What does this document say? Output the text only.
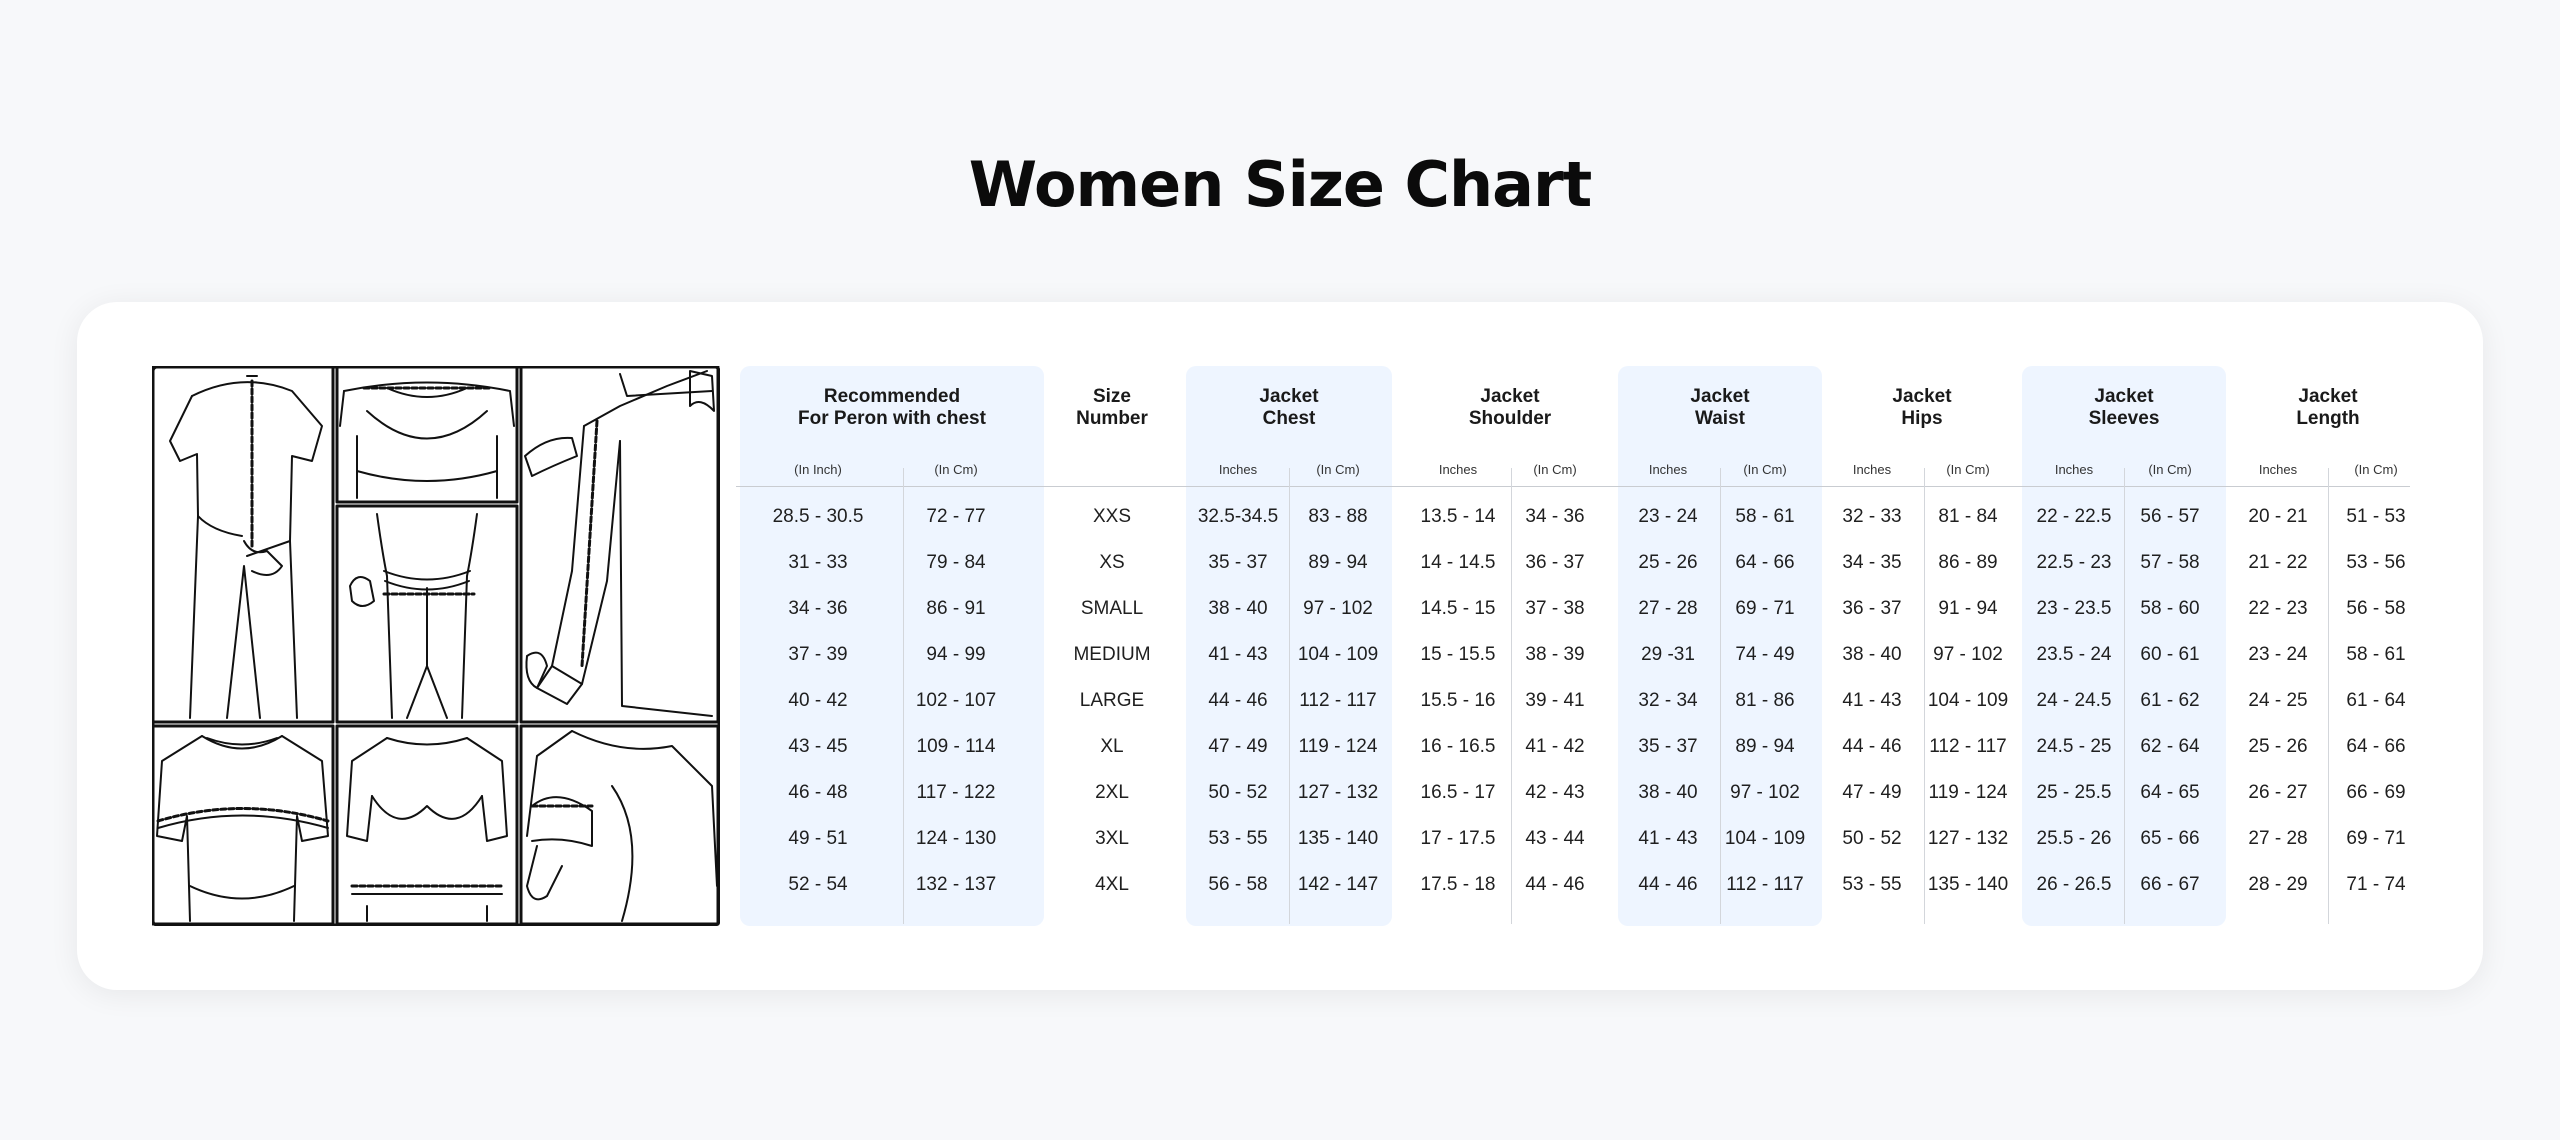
Women Size Chart
Recommended
For Peron with chest
Size
Number
Jacket
Chest
Jacket
Shoulder
Jacket
Waist
Jacket
Hips
Jacket
Sleeves
Jacket
Length
(In Inch)	(In Cm)	Inches	(In Cm)	Inches	(In Cm)	Inches	(In Cm)	Inches	(In Cm)	Inches	(In Cm)	Inches	(In Cm)
28.5 - 30.5	72 - 77	XXS	32.5-34.5	83 - 88	13.5 - 14	34 - 36	23 - 24	58 - 61	32 - 33	81 - 84	22 - 22.5	56 - 57	20 - 21	51 - 53
31 - 33	79 - 84	XS	35 - 37	89 - 94	14 - 14.5	36 - 37	25 - 26	64 - 66	34 - 35	86 - 89	22.5 - 23	57 - 58	21 - 22	53 - 56
34 - 36	86 - 91	SMALL	38 - 40	97 - 102	14.5 - 15	37 - 38	27 - 28	69 - 71	36 - 37	91 - 94	23 - 23.5	58 - 60	22 - 23	56 - 58
37 - 39	94 - 99	MEDIUM	41 - 43	104 - 109	15 - 15.5	38 - 39	29 -31	74 - 49	38 - 40	97 - 102	23.5 - 24	60 - 61	23 - 24	58 - 61
40 - 42	102 - 107	LARGE	44 - 46	112 - 117	15.5 - 16	39 - 41	32 - 34	81 - 86	41 - 43	104 - 109	24 - 24.5	61 - 62	24 - 25	61 - 64
43 - 45	109 - 114	XL	47 - 49	119 - 124	16 - 16.5	41 - 42	35 - 37	89 - 94	44 - 46	112 - 117	24.5 - 25	62 - 64	25 - 26	64 - 66
46 - 48	117 - 122	2XL	50 - 52	127 - 132	16.5 - 17	42 - 43	38 - 40	97 - 102	47 - 49	119 - 124	25 - 25.5	64 - 65	26 - 27	66 - 69
49 - 51	124 - 130	3XL	53 - 55	135 - 140	17 - 17.5	43 - 44	41 - 43	104 - 109	50 - 52	127 - 132	25.5 - 26	65 - 66	27 - 28	69 - 71
52 - 54	132 - 137	4XL	56 - 58	142 - 147	17.5 - 18	44 - 46	44 - 46	112 - 117	53 - 55	135 - 140	26 - 26.5	66 - 67	28 - 29	71 - 74
